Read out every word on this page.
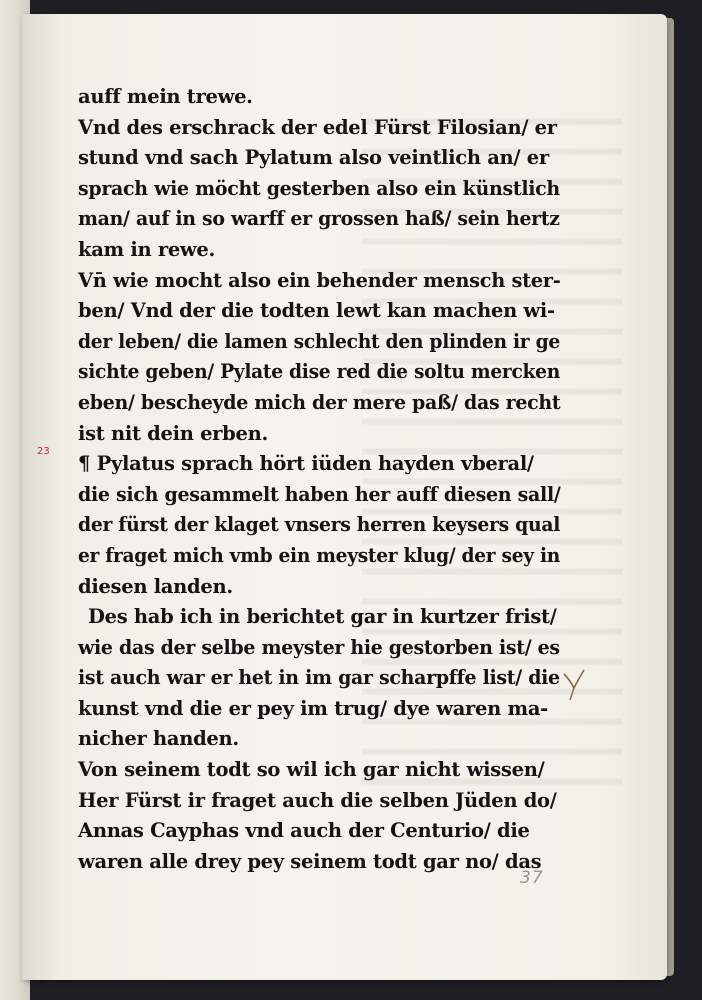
23
auff mein trewe.
Vnd des erschrack der edel Fürst Filosian/ er
stund vnd sach Pylatum also veintlich an/ er
sprach wie möcht gesterben also ein künstlich
man/ auf in so warff er grossen haß/ sein hertz
kam in rewe.
Vn̄ wie mocht also ein behender mensch ster-
ben/ Vnd der die todten lewt kan machen wi-
der leben/ die lamen schlecht den plinden ir ge
sichte geben/ Pylate dise red die soltu mercken
eben/ bescheyde mich der mere paß/ das recht
ist nit dein erben.
¶ Pylatus sprach hört iüden hayden vberal/
die sich gesammelt haben her auff diesen sall/
der fürst der klaget vnsers herren keysers qual
er fraget mich vmb ein meyster klug/ der sey in
diesen landen.
Des hab ich in berichtet gar in kurtzer frist/
wie das der selbe meyster hie gestorben ist/ es
ist auch war er het in im gar scharpffe list/ die
kunst vnd die er pey im trug/ dye waren ma-
nicher handen.
Von seinem todt so wil ich gar nicht wissen/
Her Fürst ir fraget auch die selben Jüden do/
Annas Cayphas vnd auch der Centurio/ die
waren alle drey pey seinem todt gar no/ das
37
